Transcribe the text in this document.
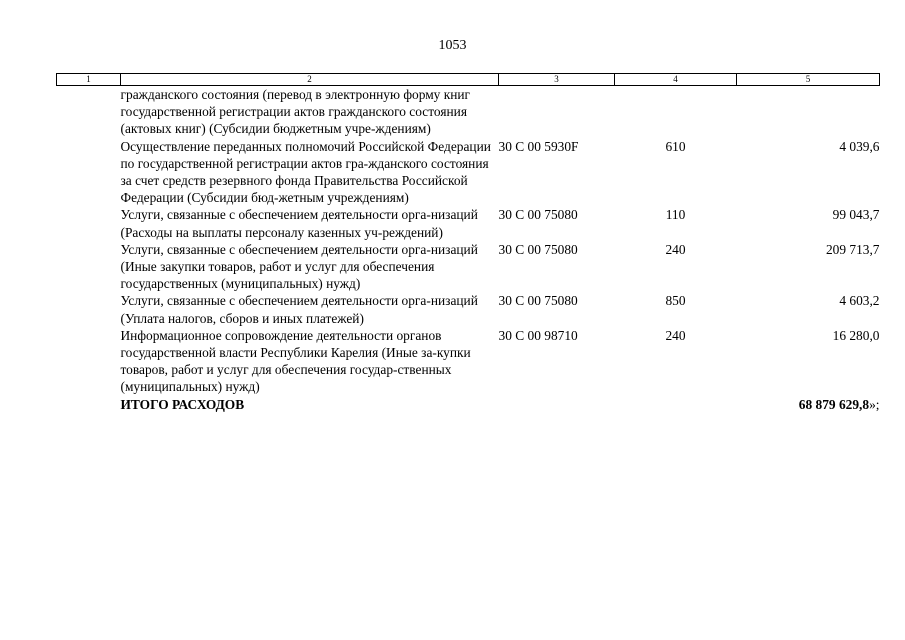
1053
1	2	3	4	5
	гражданского состояния (перевод в электронную форму книг государственной регистрации актов гражданского состояния (актовых книг) (Субсидии бюджетным учре-ждениям)			
	Осуществление переданных полномочий Российской Федерации по государственной регистрации актов гра-жданского состояния за счет средств резервного фонда Правительства Российской Федерации (Субсидии бюд-жетным учреждениям)	30 С 00 5930F	610	4 039,6
	Услуги, связанные с обеспечением деятельности орга-низаций (Расходы на выплаты персоналу казенных уч-реждений)	30 С 00 75080	110	99 043,7
	Услуги, связанные с обеспечением деятельности орга-низаций (Иные закупки товаров, работ и услуг для обеспечения государственных (муниципальных) нужд)	30 С 00 75080	240	209 713,7
	Услуги, связанные с обеспечением деятельности орга-низаций (Уплата налогов, сборов и иных платежей)	30 С 00 75080	850	4 603,2
	Информационное сопровождение деятельности органов государственной власти Республики Карелия (Иные за-купки товаров, работ и услуг для обеспечения государ-ственных (муниципальных) нужд)	30 С 00 98710	240	16 280,0
	ИТОГО РАСХОДОВ			68 879 629,8»;
